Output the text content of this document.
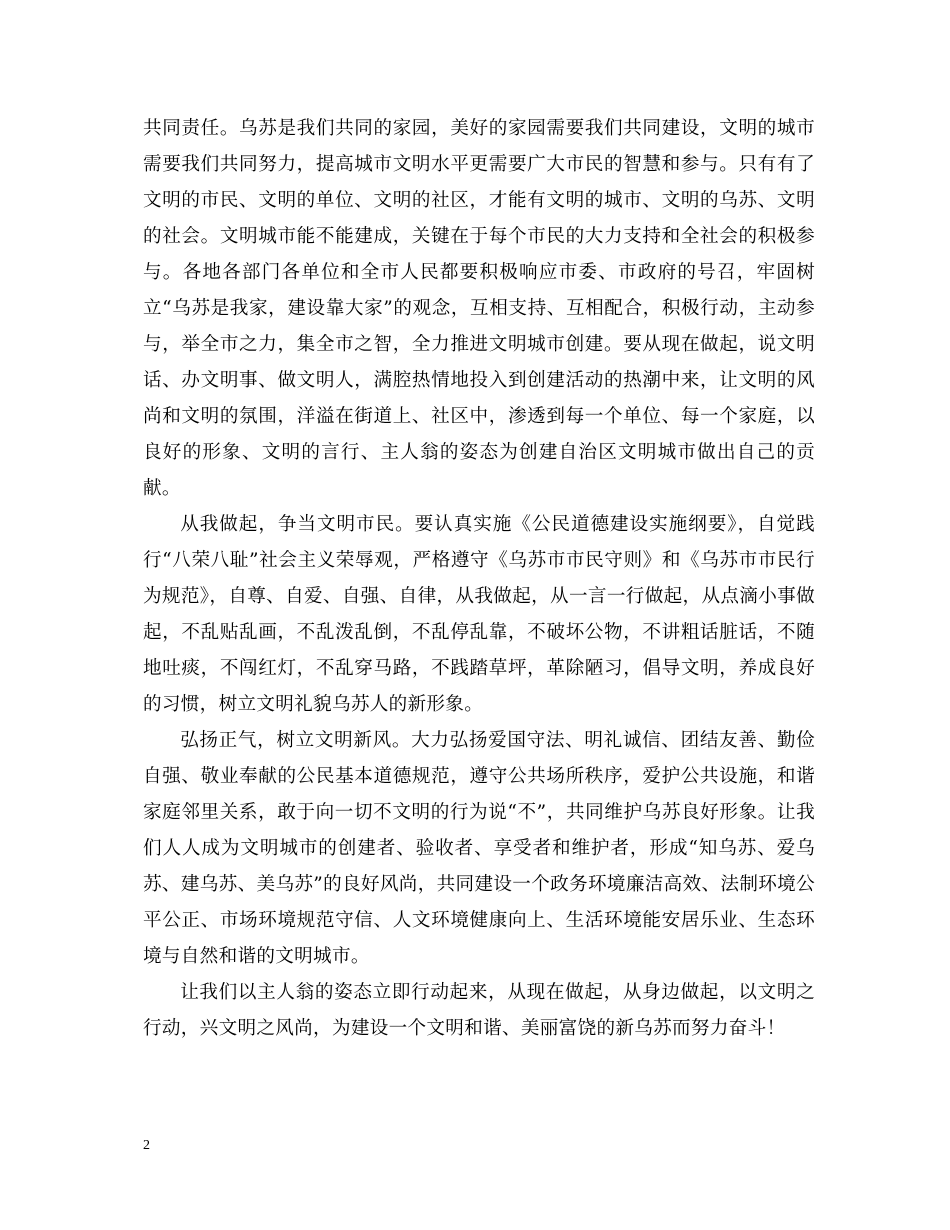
共同责任。乌苏是我们共同的家园，美好的家园需要我们共同建设，文明的城市需要我们共同努力，提高城市文明水平更需要广大市民的智慧和参与。只有有了文明的市民、文明的单位、文明的社区，才能有文明的城市、文明的乌苏、文明的社会。文明城市能不能建成，关键在于每个市民的大力支持和全社会的积极参与。各地各部门各单位和全市人民都要积极响应市委、市政府的号召，牢固树立“乌苏是我家，建设靠大家”的观念，互相支持、互相配合，积极行动，主动参与，举全市之力，集全市之智，全力推进文明城市创建。要从现在做起，说文明话、办文明事、做文明人，满腔热情地投入到创建活动的热潮中来，让文明的风尚和文明的氛围，洋溢在街道上、社区中，渗透到每一个单位、每一个家庭，以良好的形象、文明的言行、主人翁的姿态为创建自治区文明城市做出自己的贡献。

从我做起，争当文明市民。要认真实施《公民道德建设实施纲要》，自觉践行“八荣八耻”社会主义荣辱观，严格遵守《乌苏市市民守则》和《乌苏市市民行为规范》，自尊、自爱、自强、自律，从我做起，从一言一行做起，从点滴小事做起，不乱贴乱画，不乱泼乱倒，不乱停乱靠，不破坏公物，不讲粗话脏话，不随地吐痰，不闯红灯，不乱穿马路，不践踏草坪，革除陋习，倡导文明，养成良好的习惯，树立文明礼貌乌苏人的新形象。

弘扬正气，树立文明新风。大力弘扬爱国守法、明礼诚信、团结友善、勤俭自强、敬业奉献的公民基本道德规范，遵守公共场所秩序，爱护公共设施，和谐家庭邻里关系，敢于向一切不文明的行为说“不”，共同维护乌苏良好形象。让我们人人成为文明城市的创建者、验收者、享受者和维护者，形成“知乌苏、爱乌苏、建乌苏、美乌苏”的良好风尚，共同建设一个政务环境廉洁高效、法制环境公平公正、市场环境规范守信、人文环境健康向上、生活环境能安居乐业、生态环境与自然和谐的文明城市。

让我们以主人翁的姿态立即行动起来，从现在做起，从身边做起，以文明之行动，兴文明之风尚，为建设一个文明和谐、美丽富饶的新乌苏而努力奋斗！

2
